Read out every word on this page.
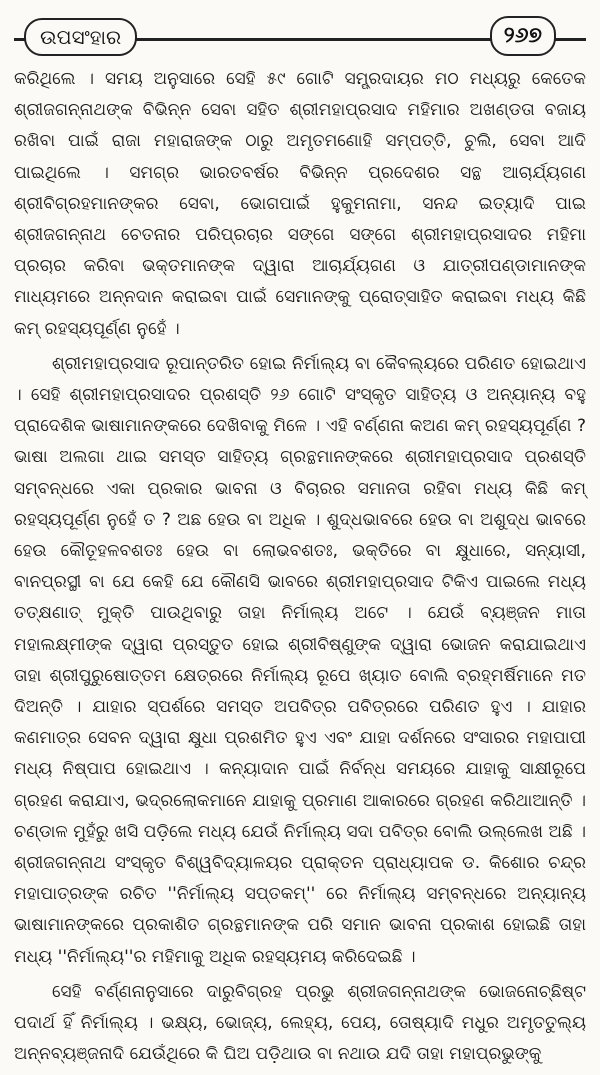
ଉପସଂହାର	୨୬୭

କରିଥିଲେ । ସମୟ ଅନୁସାରେ ସେହି ୫୯ ଗୋଟି ସମ୍ପ୍ରଦାୟର ମଠ ମଧ୍ୟରୁ କେତେକ ଶ୍ରୀଜଗନ୍ନାଥଙ୍କ ବିଭିନ୍ନ ସେବା ସହିତ ଶ୍ରୀମହାପ୍ରସାଦ ମହିମାର ଅଖଣ୍ଡତା ବଜାୟ ରଖିବା ପାଇଁ ରାଜା ମହାରାଜଙ୍କ ଠାରୁ ଅମୃତମଣୋହି ସମ୍ପତ୍ତି, ଚୁଲି, ସେବା ଆଦି ପାଇଥିଲେ । ସମଗ୍ର ଭାରତବର୍ଷର ବିଭିନ୍ନ ପ୍ରଦେଶର ସନ୍ଥ ଆଚାର୍ଯ୍ୟଗଣ ଶ୍ରୀବିଗ୍ରହମାନଙ୍କର ସେବା, ଭୋଗପାଇଁ ହୁକୁମନାମା, ସନନ୍ଦ ଇତ୍ୟାଦି ପାଇ ଶ୍ରୀଜଗନ୍ନାଥ ଚେତନାର ପରିପ୍ରଚାର ସଙ୍ଗେ ସଙ୍ଗେ ଶ୍ରୀମହାପ୍ରସାଦର ମହିମା ପ୍ରଚାର କରିବା ଭକ୍ତମାନଙ୍କ ଦ୍ୱାରା ଆଚାର୍ଯ୍ୟଗଣ ଓ ଯାତ୍ରୀପଣ୍ଡାମାନଙ୍କ ମାଧ୍ୟମରେ ଅନ୍ନଦାନ କରାଇବା ପାଇଁ ସେମାନଙ୍କୁ ପ୍ରୋତ୍ସାହିତ କରାଇବା ମଧ୍ୟ କିଛି କମ୍ ରହସ୍ୟପୂର୍ଣ୍ଣ ନୁହେଁ ।

ଶ୍ରୀମହାପ୍ରସାଦ ରୂପାନ୍ତରିତ ହୋଇ ନିର୍ମାଲ୍ୟ ବା କୈବଲ୍ୟରେ ପରିଣତ ହୋଇଥାଏ । ସେହି ଶ୍ରୀମହାପ୍ରସାଦର ପ୍ରଶସ୍ତି ୨୬ ଗୋଟି ସଂସ୍କୃତ ସାହିତ୍ୟ ଓ ଅନ୍ୟାନ୍ୟ ବହୁ ପ୍ରାଦେଶିକ ଭାଷାମାନଙ୍କରେ ଦେଖିବାକୁ ମିଳେ । ଏହି ବର୍ଣ୍ଣନା କଅଣ କମ୍ ରହସ୍ୟପୂର୍ଣ୍ଣ ? ଭାଷା ଅଲଗା ଥାଇ ସମସ୍ତ ସାହିତ୍ୟ ଗ୍ରନ୍ଥମାନଙ୍କରେ ଶ୍ରୀମହାପ୍ରସାଦ ପ୍ରଶସ୍ତି ସମ୍ବନ୍ଧରେ ଏକା ପ୍ରକାର ଭାବନା ଓ ବିଚାରର ସମାନତା ରହିବା ମଧ୍ୟ କିଛି କମ୍ ରହସ୍ୟପୂର୍ଣ୍ଣ ନୁହେଁ ତ ? ଅଛ ହେଉ ବା ଅଧିକ । ଶୁଦ୍ଧଭାବରେ ହେଉ ବା ଅଶୁଦ୍ଧ ଭାବରେ ହେଉ କୌତୂହଳବଶତଃ ହେଉ ବା ଲୋଭବଶତଃ, ଭକ୍ତିରେ ବା କ୍ଷୁଧାରେ, ସନ୍ୟାସୀ, ବାନପ୍ରସ୍ଥୀ ବା ଯେ କେହି ଯେ କୌଣସି ଭାବରେ ଶ୍ରୀମହାପ୍ରସାଦ ଟିକିଏ ପାଇଲେ ମଧ୍ୟ ତତ୍‌କ୍ଷଣାତ୍ ମୁକ୍ତି ପାଉଥିବାରୁ ତାହା ନିର୍ମାଲ୍ୟ ଅଟେ । ଯେଉଁ ବ୍ୟଞ୍ଜନ ମାତା ମହାଲକ୍ଷ୍ମୀଙ୍କ ଦ୍ୱାରା ପ୍ରସ୍ତୁତ ହୋଇ ଶ୍ରୀବିଷ୍ଣୁଙ୍କ ଦ୍ୱାରା ଭୋଜନ କରାଯାଇଥାଏ ତାହା ଶ୍ରୀପୁରୁଷୋତ୍ତମ କ୍ଷେତ୍ରରେ ନିର୍ମାଲ୍ୟ ରୂପେ ଖ୍ୟାତ ବୋଲି ବ୍ରହ୍ମର୍ଷିମାନେ ମତ ଦିଅନ୍ତି । ଯାହାର ସ୍ପର୍ଶରେ ସମସ୍ତ ଅପବିତ୍ର ପବିତ୍ରରେ ପରିଣତ ହୁଏ । ଯାହାର କଣମାତ୍ର ସେବନ ଦ୍ୱାରା କ୍ଷୁଧା ପ୍ରଶମିତ ହୁଏ ଏବଂ ଯାହା ଦର୍ଶନରେ ସଂସାରର ମହାପାପୀ ମଧ୍ୟ ନିଷ୍ପାପ ହୋଇଥାଏ । କନ୍ୟାଦାନ ପାଇଁ ନିର୍ବନ୍ଧ ସମୟରେ ଯାହାକୁ ସାକ୍ଷୀରୂପେ ଗ୍ରହଣ କରାଯାଏ, ଭଦ୍ରଲୋକମାନେ ଯାହାକୁ ପ୍ରମାଣ ଆକାରରେ ଗ୍ରହଣ କରିଥାଆନ୍ତି । ଚଣ୍ଡାଳ ମୁହଁରୁ ଖସି ପଡ଼ିଲେ ମଧ୍ୟ ଯେଉଁ ନିର୍ମାଲ୍ୟ ସଦା ପବିତ୍ର ବୋଲି ଉଲ୍ଲେଖ ଅଛି । ଶ୍ରୀଜଗନ୍ନାଥ ସଂସ୍କୃତ ବିଶ୍ୱବିଦ୍ୟାଳୟର ପ୍ରାକ୍ତନ ପ୍ରାଧ୍ୟାପକ ଡ. କିଶୋର ଚନ୍ଦ୍ର ମହାପାତ୍ରଙ୍କ ରଚିତ ''ନିର୍ମାଲ୍ୟ ସପ୍ତକମ୍'' ରେ ନିର୍ମାଲ୍ୟ ସମ୍ବନ୍ଧରେ ଅନ୍ୟାନ୍ୟ ଭାଷାମାନଙ୍କରେ ପ୍ରକାଶିତ ଗ୍ରନ୍ଥମାନଙ୍କ ପରି ସମାନ ଭାବନା ପ୍ରକାଶ ହୋଇଛି ତାହା ମଧ୍ୟ ''ନିର୍ମାଲ୍ୟ''ର ମହିମାକୁ ଅଧିକ ରହସ୍ୟମୟ କରିଦେଇଛି ।

ସେହି ବର୍ଣ୍ଣନାନୁସାରେ ଦାରୁବିଗ୍ରହ ପ୍ରଭୁ ଶ୍ରୀଜଗନ୍ନାଥଙ୍କ ଭୋଜନୋଚ୍ଛିଷ୍ଟ ପଦାର୍ଥ ହିଁ ନିର୍ମାଲ୍ୟ । ଭକ୍ଷ୍ୟ, ଭୋଜ୍ୟ, ଲେହ୍ୟ, ପେୟ, ତୋଷ୍ୟାଦି ମଧୁର ଅମୃତତୁଲ୍ୟ ଅନ୍ନବ୍ୟଞ୍ଜନାଦି ଯେଉଁଥିରେ କି ଘିଅ ପଡ଼ିଥାଉ ବା ନଥାଉ ଯଦି ତାହା ମହାପ୍ରଭୁଙ୍କୁ
